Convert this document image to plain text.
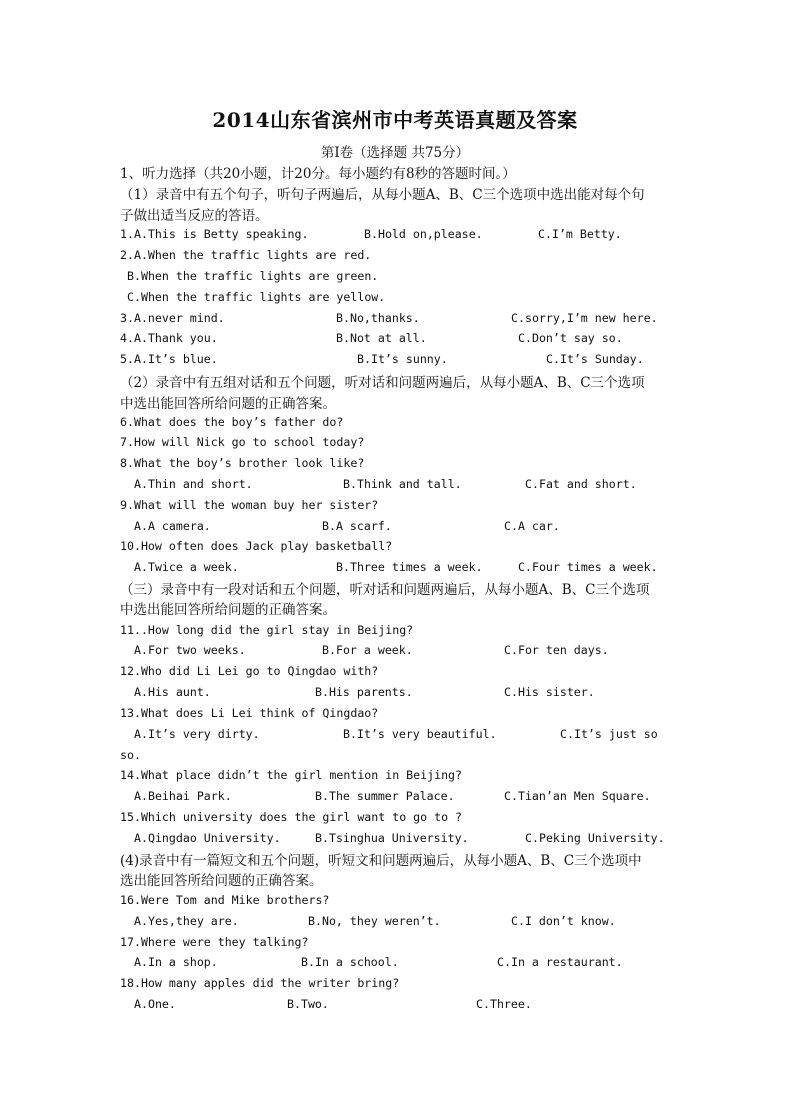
2014山东省滨州市中考英语真题及答案
第Ⅰ卷（选择题 共75分）
1、听力选择（共20小题，计20分。每小题约有8秒的答题时间。）
（1）录音中有五个句子，听句子两遍后，从每小题A、B、C三个选项中选出能对每个句
子做出适当反应的答语。
1.A.This is Betty speaking.	B.Hold on,please.	C.I’m Betty.
2.A.When the traffic lights are red.
B.When the traffic lights are green.
C.When the traffic lights are yellow.
3.A.never mind.	B.No,thanks.	C.sorry,I’m new here.
4.A.Thank you.	B.Not at all.	C.Don’t say so.
5.A.It’s blue.	B.It’s sunny.	C.It’s Sunday.
（2）录音中有五组对话和五个问题，听对话和问题两遍后，从每小题A、B、C三个选项
中选出能回答所给问题的正确答案。
6.What does the boy’s father do?
7.How will Nick go to school today?
8.What the boy’s brother look like?
A.Thin and short.	B.Think and tall.	C.Fat and short.
9.What will the woman buy her sister?
A.A camera.	B.A scarf.	C.A car.
10.How often does Jack play basketball?
A.Twice a week.	B.Three times a week.	C.Four times a week.
（三）录音中有一段对话和五个问题，听对话和问题两遍后，从每小题A、B、C三个选项
中选出能回答所给问题的正确答案。
11..How long did the girl stay in Beijing?
A.For two weeks.	B.For a week.	C.For ten days.
12.Who did Li Lei go to Qingdao with?
A.His aunt.	B.His parents.	C.His sister.
13.What does Li Lei think of Qingdao?
A.It’s very dirty.	B.It’s very beautiful.	C.It’s just so
so.
14.What place didn’t the girl mention in Beijing?
A.Beihai Park.	B.The summer Palace.	C.Tian’an Men Square.
15.Which university does the girl want to go to ?
A.Qingdao University.	B.Tsinghua University.	C.Peking University.
(4)录音中有一篇短文和五个问题，听短文和问题两遍后，从每小题A、B、C三个选项中
选出能回答所给问题的正确答案。
16.Were Tom and Mike brothers?
A.Yes,they are.	B.No, they weren’t.	C.I don’t know.
17.Where were they talking?
A.In a shop.	B.In a school.	C.In a restaurant.
18.How many apples did the writer bring?
A.One.	B.Two.	C.Three.
